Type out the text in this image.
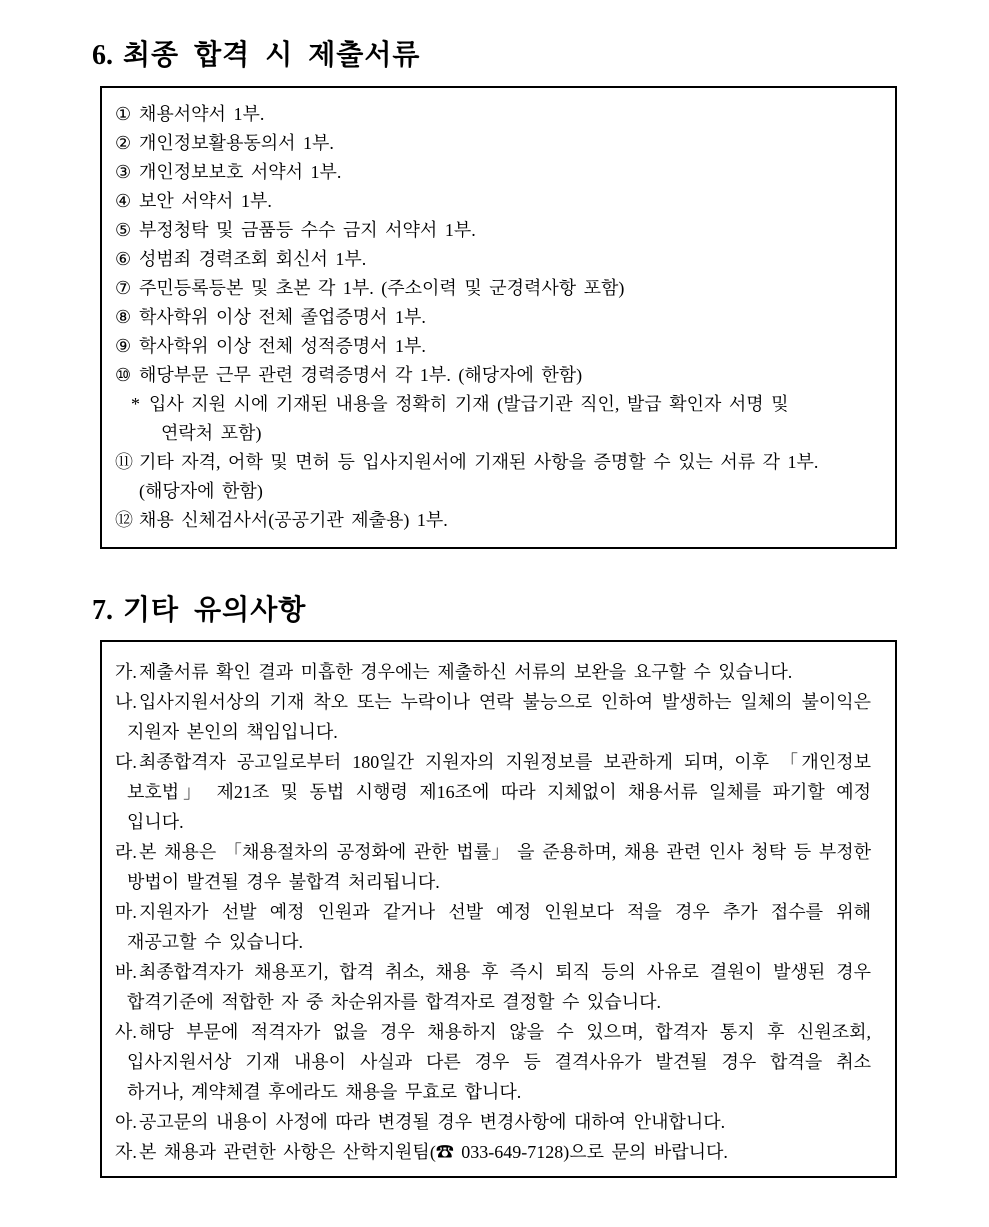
6. 최종 합격 시 제출서류
① 채용서약서 1부.
② 개인정보활용동의서 1부.
③ 개인정보보호 서약서 1부.
④ 보안 서약서 1부.
⑤ 부정청탁 및 금품등 수수 금지 서약서 1부.
⑥ 성범죄 경력조회 회신서 1부.
⑦ 주민등록등본 및 초본 각 1부. (주소이력 및 군경력사항 포함)
⑧ 학사학위 이상 전체 졸업증명서 1부.
⑨ 학사학위 이상 전체 성적증명서 1부.
⑩ 해당부문 근무 관련 경력증명서 각 1부. (해당자에 한함)
* 입사 지원 시에 기재된 내용을 정확히 기재 (발급기관 직인, 발급 확인자 서명 및
연락처 포함)
⑪ 기타 자격, 어학 및 면허 등 입사지원서에 기재된 사항을 증명할 수 있는 서류 각 1부.
(해당자에 한함)
⑫ 채용 신체검사서(공공기관 제출용) 1부.
7. 기타 유의사항
가. 제출서류 확인 결과 미흡한 경우에는 제출하신 서류의 보완을 요구할 수 있습니다.
나. 입사지원서상의 기재 착오 또는 누락이나 연락 불능으로 인하여 발생하는 일체의 불이익은
지원자 본인의 책임입니다.
다. 최종합격자 공고일로부터 180일간 지원자의 지원정보를 보관하게 되며, 이후 「개인정보
보호법」 제21조 및 동법 시행령 제16조에 따라 지체없이 채용서류 일체를 파기할 예정
입니다.
라. 본 채용은 「채용절차의 공정화에 관한 법률」 을 준용하며, 채용 관련 인사 청탁 등 부정한
방법이 발견될 경우 불합격 처리됩니다.
마. 지원자가 선발 예정 인원과 같거나 선발 예정 인원보다 적을 경우 추가 접수를 위해
재공고할 수 있습니다.
바. 최종합격자가 채용포기, 합격 취소, 채용 후 즉시 퇴직 등의 사유로 결원이 발생된 경우
합격기준에 적합한 자 중 차순위자를 합격자로 결정할 수 있습니다.
사. 해당 부문에 적격자가 없을 경우 채용하지 않을 수 있으며, 합격자 통지 후 신원조회,
입사지원서상 기재 내용이 사실과 다른 경우 등 결격사유가 발견될 경우 합격을 취소
하거나, 계약체결 후에라도 채용을 무효로 합니다.
아. 공고문의 내용이 사정에 따라 변경될 경우 변경사항에 대하여 안내합니다.
자. 본 채용과 관련한 사항은 산학지원팀(☎ 033-649-7128)으로 문의 바랍니다.
